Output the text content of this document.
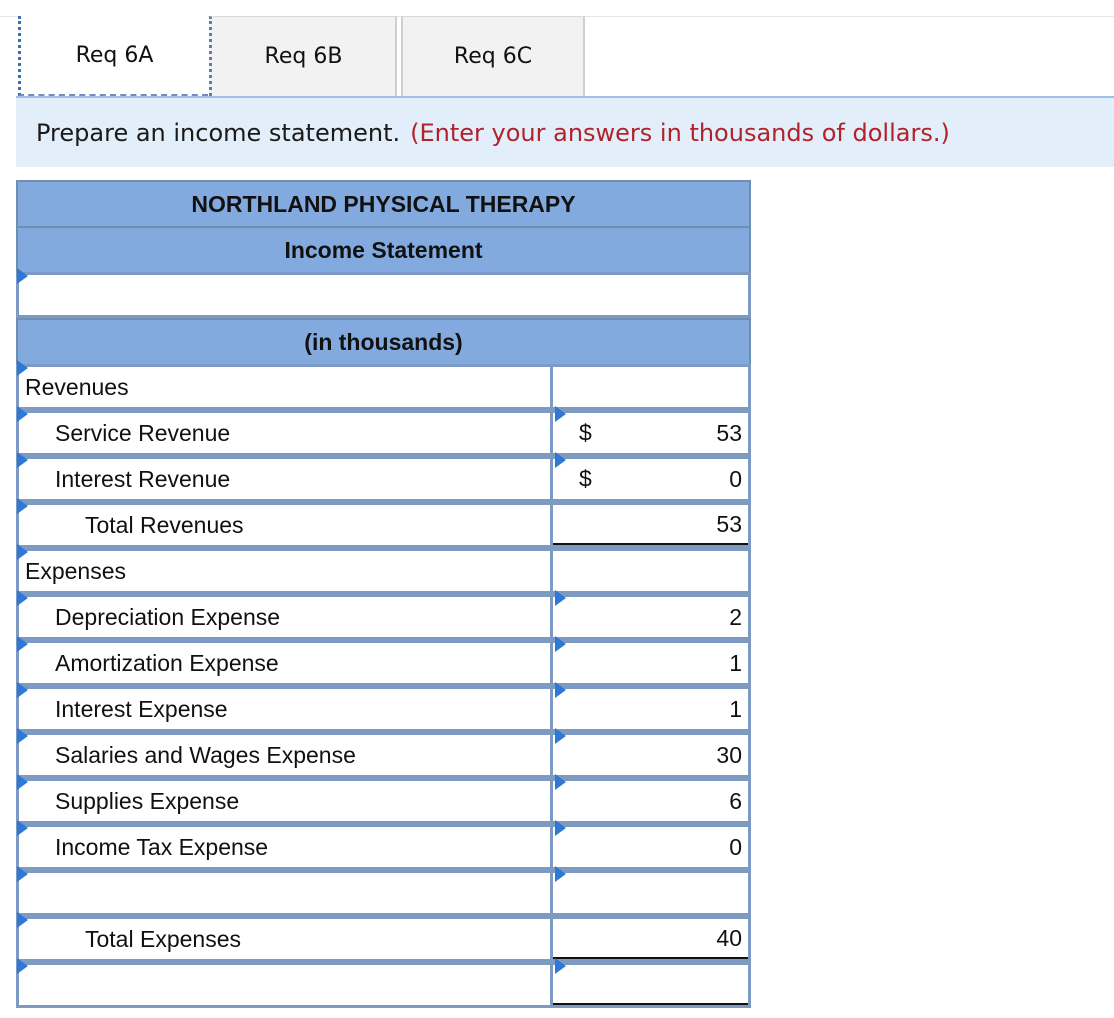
Req 6A	Req 6B	Req 6C
Prepare an income statement. (Enter your answers in thousands of dollars.)
NORTHLAND PHYSICAL THERAPY
Income Statement
(in thousands)
Revenues
Service Revenue	$	53
Interest Revenue	$	0
Total Revenues	53
Expenses
Depreciation Expense	2
Amortization Expense	1
Interest Expense	1
Salaries and Wages Expense	30
Supplies Expense	6
Income Tax Expense	0
Total Expenses	40
